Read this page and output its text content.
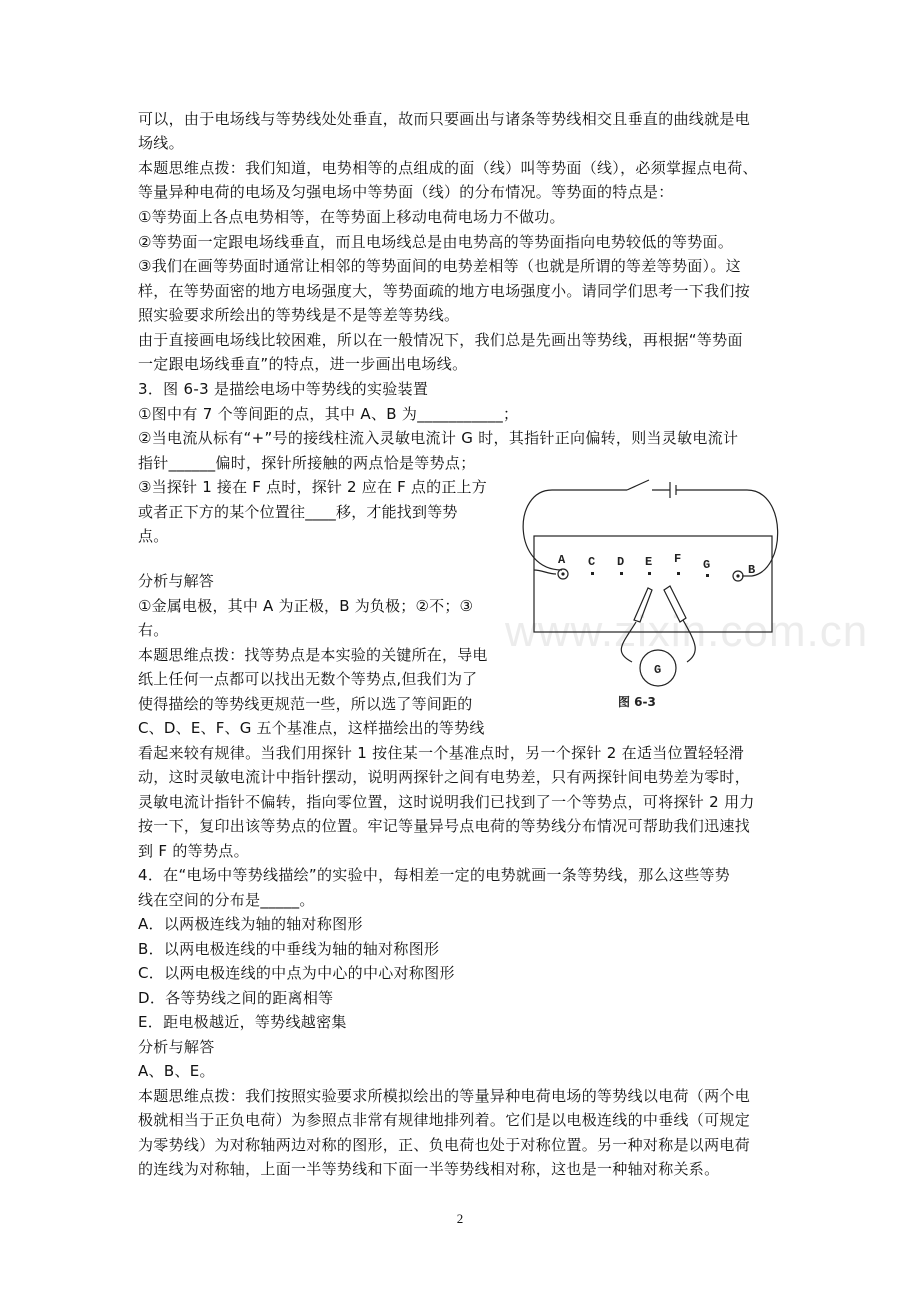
可以，由于电场线与等势线处处垂直，故而只要画出与诸条等势线相交且垂直的曲线就是电
场线。
本题思维点拨：我们知道，电势相等的点组成的面（线）叫等势面（线），必须掌握点电荷、
等量异种电荷的电场及匀强电场中等势面（线）的分布情况。等势面的特点是：
①等势面上各点电势相等，在等势面上移动电荷电场力不做功。
②等势面一定跟电场线垂直，而且电场线总是由电势高的等势面指向电势较低的等势面。
③我们在画等势面时通常让相邻的等势面间的电势差相等（也就是所谓的等差等势面）。这
样，在等势面密的地方电场强度大，等势面疏的地方电场强度小。请同学们思考一下我们按
照实验要求所绘出的等势线是不是等差等势线。
由于直接画电场线比较困难，所以在一般情况下，我们总是先画出等势线，再根据“等势面
一定跟电场线垂直”的特点，进一步画出电场线。
3．图 6-3 是描绘电场中等势线的实验装置
①图中有 7 个等间距的点，其中 A、B 为___________；
②当电流从标有“+”号的接线柱流入灵敏电流计 G 时，其指针正向偏转，则当灵敏电流计
指针______偏时，探针所接触的两点恰是等势点；
③当探针 1 接在 F 点时，探针 2 应在 F 点的正上方
或者正下方的某个位置往____移，才能找到等势
点。
分析与解答
①金属电极，其中 A 为正极，B 为负极；②不；③
右。
本题思维点拨：找等势点是本实验的关键所在，导电
纸上任何一点都可以找出无数个等势点,但我们为了
使得描绘的等势线更规范一些，所以选了等间距的
C、D、E、F、G 五个基准点，这样描绘出的等势线
看起来较有规律。当我们用探针 1 按住某一个基准点时，另一个探针 2 在适当位置轻轻滑
动，这时灵敏电流计中指针摆动，说明两探针之间有电势差，只有两探针间电势差为零时，
灵敏电流计指针不偏转，指向零位置，这时说明我们已找到了一个等势点，可将探针 2 用力
按一下，复印出该等势点的位置。牢记等量异号点电荷的等势线分布情况可帮助我们迅速找
到 F 的等势点。
4．在“电场中等势线描绘”的实验中，每相差一定的电势就画一条等势线，那么这些等势
线在空间的分布是_____。
A．以两极连线为轴的轴对称图形
B．以两电极连线的中垂线为轴的轴对称图形
C．以两电极连线的中点为中心的中心对称图形
D．各等势线之间的距离相等
E．距电极越近，等势线越密集
分析与解答
A、B、E。
本题思维点拨：我们按照实验要求所模拟绘出的等量异种电荷电场的等势线以电荷（两个电
极就相当于正负电荷）为参照点非常有规律地排列着。它们是以电极连线的中垂线（可规定
为零势线）为对称轴两边对称的图形，正、负电荷也处于对称位置。另一种对称是以两电荷
的连线为对称轴，上面一半等势线和下面一半等势线相对称，这也是一种轴对称关系。
www.zixin.com.cn
A C D E F G	B
G
图 6-3
2
